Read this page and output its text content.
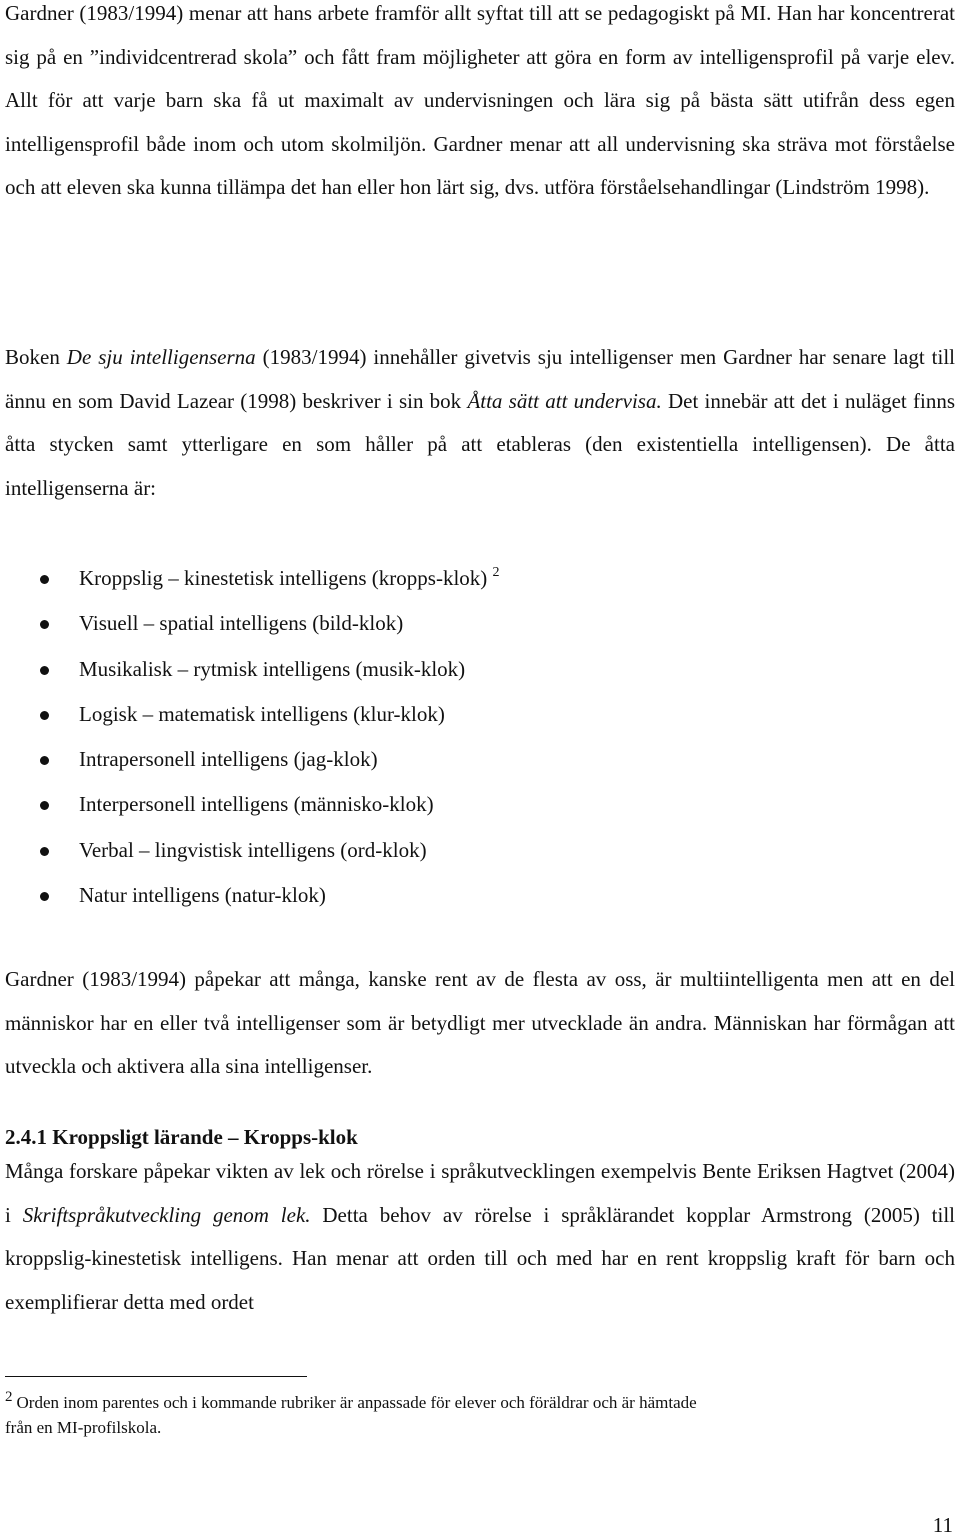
Gardner (1983/1994) menar att hans arbete framför allt syftat till att se pedagogiskt på MI. Han har koncentrerat sig på en ”individcentrerad skola” och fått fram möjligheter att göra en form av intelligensprofil på varje elev. Allt för att varje barn ska få ut maximalt av undervisningen och lära sig på bästa sätt utifrån dess egen intelligensprofil både inom och utom skolmiljön. Gardner menar att all undervisning ska sträva mot förståelse och att eleven ska kunna tillämpa det han eller hon lärt sig, dvs. utföra förståelsehandlingar (Lindström 1998).

Boken De sju intelligenserna (1983/1994) innehåller givetvis sju intelligenser men Gardner har senare lagt till ännu en som David Lazear (1998) beskriver i sin bok Åtta sätt att undervisa. Det innebär att det i nuläget finns åtta stycken samt ytterligare en som håller på att etableras (den existentiella intelligensen). De åtta intelligenserna är:

Kroppslig – kinestetisk intelligens (kropps-klok) $^2$
Visuell – spatial intelligens (bild-klok)
Musikalisk – rytmisk intelligens (musik-klok)
Logisk – matematisk intelligens (klur-klok)
Intrapersonell intelligens (jag-klok)
Interpersonell intelligens (människo-klok)
Verbal – lingvistisk intelligens (ord-klok)
Natur intelligens (natur-klok)

Gardner (1983/1994) påpekar att många, kanske rent av de flesta av oss, är multiintelligenta men att en del människor har en eller två intelligenser som är betydligt mer utvecklade än andra. Människan har förmågan att utveckla och aktivera alla sina intelligenser.

2.4.1 Kroppsligt lärande – Kropps-klok

Många forskare påpekar vikten av lek och rörelse i språkutvecklingen exempelvis Bente Eriksen Hagtvet (2004) i Skriftspråkutveckling genom lek. Detta behov av rörelse i språklärandet kopplar Armstrong (2005) till kroppslig-kinestetisk intelligens. Han menar att orden till och med har en rent kroppslig kraft för barn och exemplifierar detta med ordet

2 Orden inom parentes och i kommande rubriker är anpassade för elever och föräldrar och är hämtade från en MI-profilskola.

11
